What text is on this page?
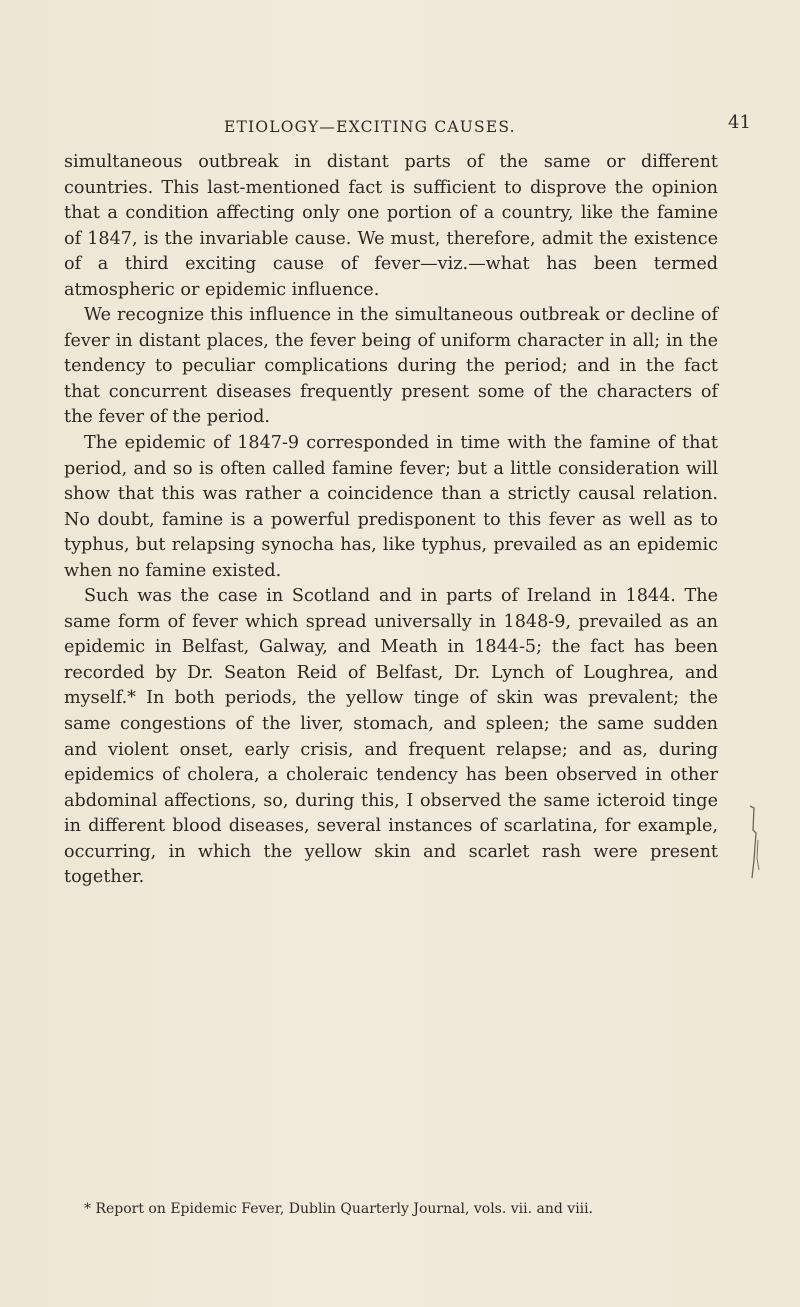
ETIOLOGY—EXCITING CAUSES.	41

simultaneous outbreak in distant parts of the same or different countries. This last-mentioned fact is sufficient to disprove the opinion that a condition affecting only one portion of a country, like the famine of 1847, is the invariable cause. We must, therefore, admit the existence of a third exciting cause of fever—viz.—what has been termed atmospheric or epidemic influence.

We recognize this influence in the simultaneous outbreak or decline of fever in distant places, the fever being of uniform character in all; in the tendency to peculiar complications during the period; and in the fact that concurrent diseases frequently present some of the characters of the fever of the period.

The epidemic of 1847-9 corresponded in time with the famine of that period, and so is often called famine fever; but a little consideration will show that this was rather a coincidence than a strictly causal relation. No doubt, famine is a powerful predisponent to this fever as well as to typhus, but relapsing synocha has, like typhus, prevailed as an epidemic when no famine existed.

Such was the case in Scotland and in parts of Ireland in 1844. The same form of fever which spread universally in 1848-9, prevailed as an epidemic in Belfast, Galway, and Meath in 1844-5; the fact has been recorded by Dr. Seaton Reid of Belfast, Dr. Lynch of Loughrea, and myself.* In both periods, the yellow tinge of skin was prevalent; the same congestions of the liver, stomach, and spleen; the same sudden and violent onset, early crisis, and frequent relapse; and as, during epidemics of cholera, a choleraic tendency has been observed in other abdominal affections, so, during this, I observed the same icteroid tinge in different blood diseases, several instances of scarlatina, for example, occurring, in which the yellow skin and scarlet rash were present together.

* Report on Epidemic Fever, Dublin Quarterly Journal, vols. vii. and viii.
